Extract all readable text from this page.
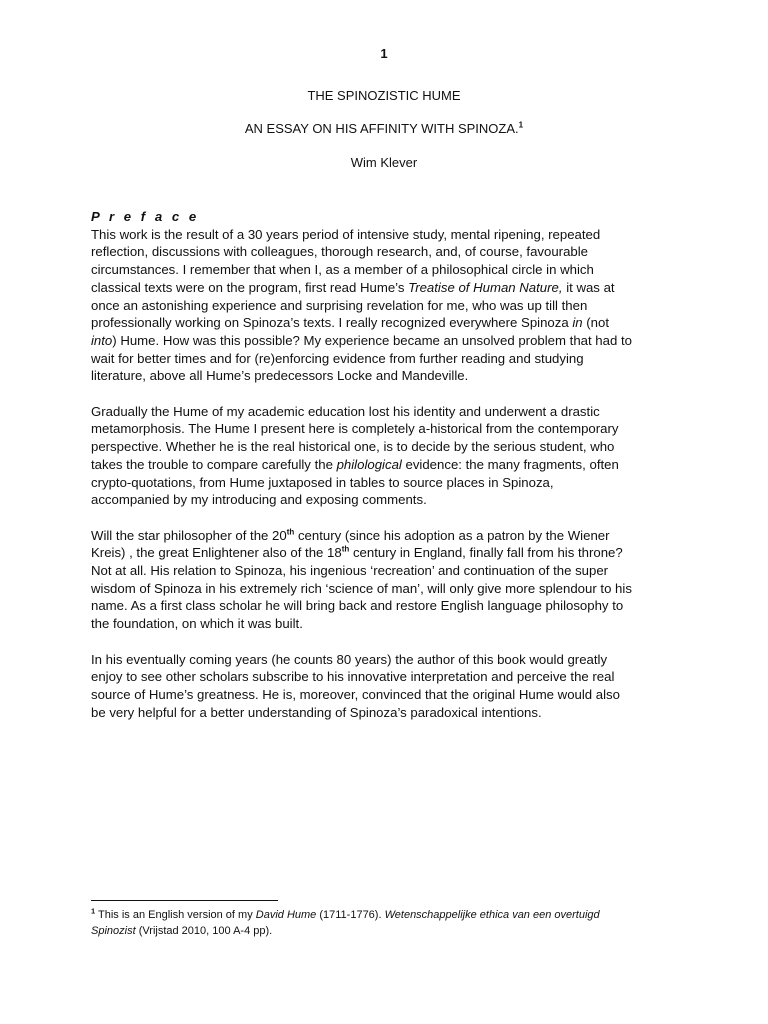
1
THE SPINOZISTIC HUME
AN ESSAY ON HIS AFFINITY WITH SPINOZA.$^1$
Wim Klever
P r e f a c e
This work is the result of a 30 years period of intensive study, mental ripening, repeated
reflection, discussions with colleagues, thorough research, and, of course, favourable
circumstances. I remember that when I, as a member of a philosophical circle in which
classical texts were on the program, first read Hume’s Treatise of Human Nature, it was at
once an astonishing experience and surprising revelation for me, who was up till then
professionally working on Spinoza’s texts. I really recognized everywhere Spinoza in (not
into) Hume. How was this possible? My experience became an unsolved problem that had to
wait for better times and for (re)enforcing evidence from further reading and studying
literature, above all Hume’s predecessors Locke and Mandeville.
Gradually the Hume of my academic education lost his identity and underwent a drastic
metamorphosis. The Hume I present here is completely a-historical from the contemporary
perspective. Whether he is the real historical one, is to decide by the serious student, who
takes the trouble to compare carefully the philological evidence: the many fragments, often
crypto-quotations, from Hume juxtaposed in tables to source places in Spinoza,
accompanied by my introducing and exposing comments.
Will the star philosopher of the 20th century (since his adoption as a patron by the Wiener
Kreis) , the great Enlightener also of the 18th century in England, finally fall from his throne?
Not at all. His relation to Spinoza, his ingenious ‘recreation’ and continuation of the super
wisdom of Spinoza in his extremely rich ‘science of man’, will only give more splendour to his
name. As a first class scholar he will bring back and restore English language philosophy to
the foundation, on which it was built.
In his eventually coming years (he counts 80 years) the author of this book would greatly
enjoy to see other scholars subscribe to his innovative interpretation and perceive the real
source of Hume’s greatness. He is, moreover, convinced that the original Hume would also
be very helpful for a better understanding of Spinoza’s paradoxical intentions.
$^1$ This is an English version of my David Hume (1711-1776). Wetenschappelijke ethica van een overtuigd
Spinozist (Vrijstad 2010, 100 A-4 pp).
